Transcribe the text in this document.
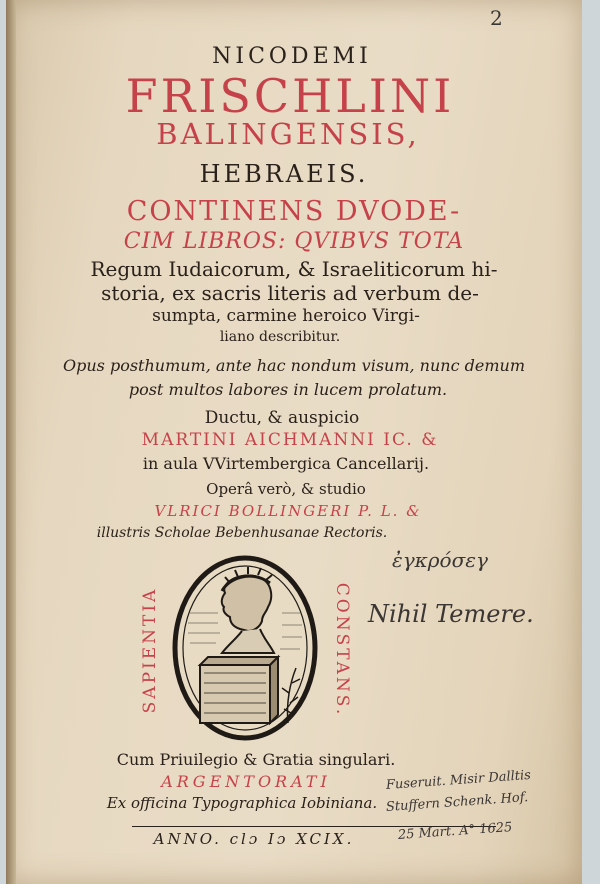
2
NICODEMI
FRISCHLINI
BALINGENSIS,
HEBRAEIS.
CONTINENS DVODE-
CIM LIBROS: QVIBVS TOTA
Regum Iudaicorum, & Israeliticorum hi-
storia, ex sacris literis ad verbum de-
sumpta, carmine heroico Virgi-
liano describitur.
Opus posthumum, ante hac nondum visum, nunc demum
post multos labores in lucem prolatum.
Ductu, & auspicio
MARTINI AICHMANNI IC. &
in aula VVirtembergica Cancellarij.
Operâ verò, & studio
VLRICI BOLLINGERI P. L. &
illustris Scholae Bebenhusanae Rectoris.
ἐγκρόσεγ
Nihil Temere.
SAPIENTIA	CONSTANS.
Cum Priuilegio & Gratia singulari.
ARGENTORATI
Ex officina Typographica Iobiniana.
ANNO. clɔ Iɔ XCIX.
Fuseruit. Misir Dalltis
Stuffern Schenk. Hof.
25 Mart. A° 1625
